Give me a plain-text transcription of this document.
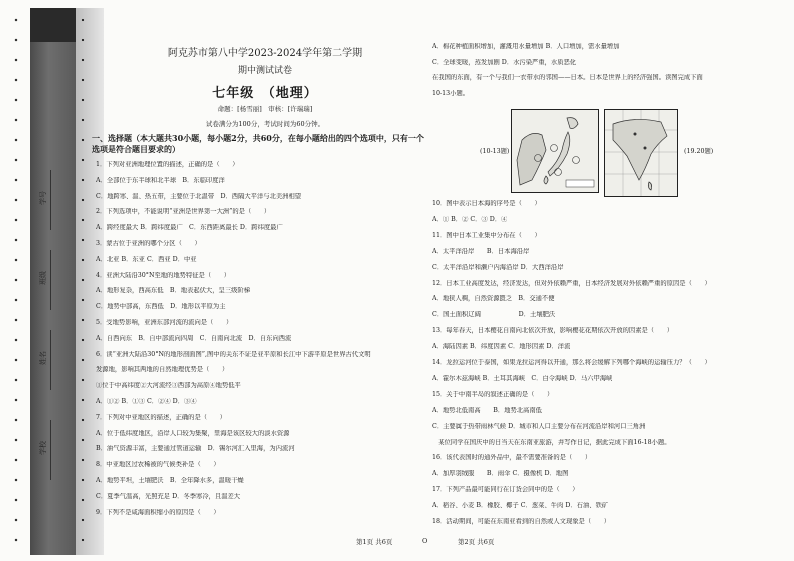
学号
班级
姓名
学校
阿克苏市第八中学2023-2024学年第二学期
期中测试试卷
七年级　（地理）
命题：[杨雪丽]　审核：[许瑞瑞]
试卷满分为100分，考试时间为60分钟。
一、选择题（本大题共30小题，每小题2分，共60分，在每小题给出的四个选项中，只有一个选项是符合题目要求的）
1．下列对亚洲地理位置的描述，正确的是（　　）
A．全部位于东半球和北半球　B．东临印度洋
C．地跨寒、温、热五带，主要位于北温带　D．西隔大平洋与北美洲相望
2．下列选项中，不能说明“亚洲是世界第一大洲”的是（　　）
A．跨经度最大 B．跨纬度最广　C．东西距离最长 D．跨纬度最广
3．蒙古位于亚洲的哪个分区（　　）
A．北亚 B．东亚 C．西亚 D．中亚
4．亚洲大陆沿30°N至地的地势特征是（　　）
A．地形复杂，西高东低　B．地表起伏大，呈三级阶梯
C．地势中部高，东西低　D．地形以平原为主
5．受地势影响，亚洲东部河流的流向是（　　）
A．自西向东　B．自中部流向四周　C．自南向北流　D．自东向西流
6．读“亚洲大陆沿30°N的地形剖面图”,图中的关东不证是亚平原和长江中下游平原是世界古代文明
发源地，影响其两地的自然地理优势是（　　）
①位于中高纬度②大河流经③西部为高原④地势低平
A．①② B．①③ C．②④ D．③④
7．下列对中亚地区的描述，正确的是（　　）
A．位于低纬度地区，沿岸人口较为集聚，里海是该区较大的淡水资源
B．油气资源丰富，主要通过管道运输　D．锡尔河汇入里海，为内流河
8．中亚地区过农稀被的气候类补是（　　）
A．地势平坦，土壤肥沃　B．全年降水多，温暖干燥
C．夏季气温高，光照充足 D．冬季寒冷，且温差大
9．下列不是咸海面积缩小的原因是（　　）
A．棉花种植面积增加，灌溉用水量增加 B．人口增加，需水量增加
C．全球变暖，蒸发加剧 D．水污染严重，水质恶化
在我国的东面，有一个与我们一衣带水的邻国——日本。日本是世界上的经济强国。读图完成下面
10-13小题。
(10-13题)	(19.20题)
10．图中表示日本海的序号是（　　）
A．① B．② C．③ D．④
11．图中日本工业集中分布在（　　）
A．太平洋沿岸　　B．日本海沿岸
C．太平洋沿岸和濑户内海沿岸 D．大西洋沿岸
12．日本工业高度发达，经济发达，但对外依赖严重，日本经济发展对外依赖严重的原因是（　　）
A．地狭人稠，自然资源匮乏　B．交通不便
C．国土面积辽阔　　　　　　D．土壤肥沃
13．每年春天，日本樱花自南向北依次开放，影响樱花花期依次开放的因素是（　　）
A．海陆因素 B．纬度因素 C．地形因素 D．洋流
14．龙拉运河位于泰国，如果龙拉运河得以开通，那么将会缓解下列哪个海峡的运输压力？（　　）
A．霍尔木兹海峡 B．土耳其海峡　C．白令海峡 D．马六甲海峡
15．关于中南半岛的叙述正确的是（　　）
A．地势北低南高　　B．地势北高南低
C．主要属于热带雨林气候 D．城市和人口主要分布在河流沿岸和河口三角洲
　某位同学在国庆中的日当天在东南亚旅游，并写作日记，据此完成下面16-18小题。
16．该代表国时的通外品中，最不需要准备的是（　　）
A．加厚羽绒服　　B．雨伞 C．摄像机 D．地图
17．下列产品最可能同行在订货会同中的是（　　）
A．稻谷、小麦 B．橡胶、椰子 C．葱菜、牛肉 D．石油、铁矿
18．活动期间，可能在东南亚看到的自然或人文现象是（　　）
第1页 共6页	O	第2页 共6页
